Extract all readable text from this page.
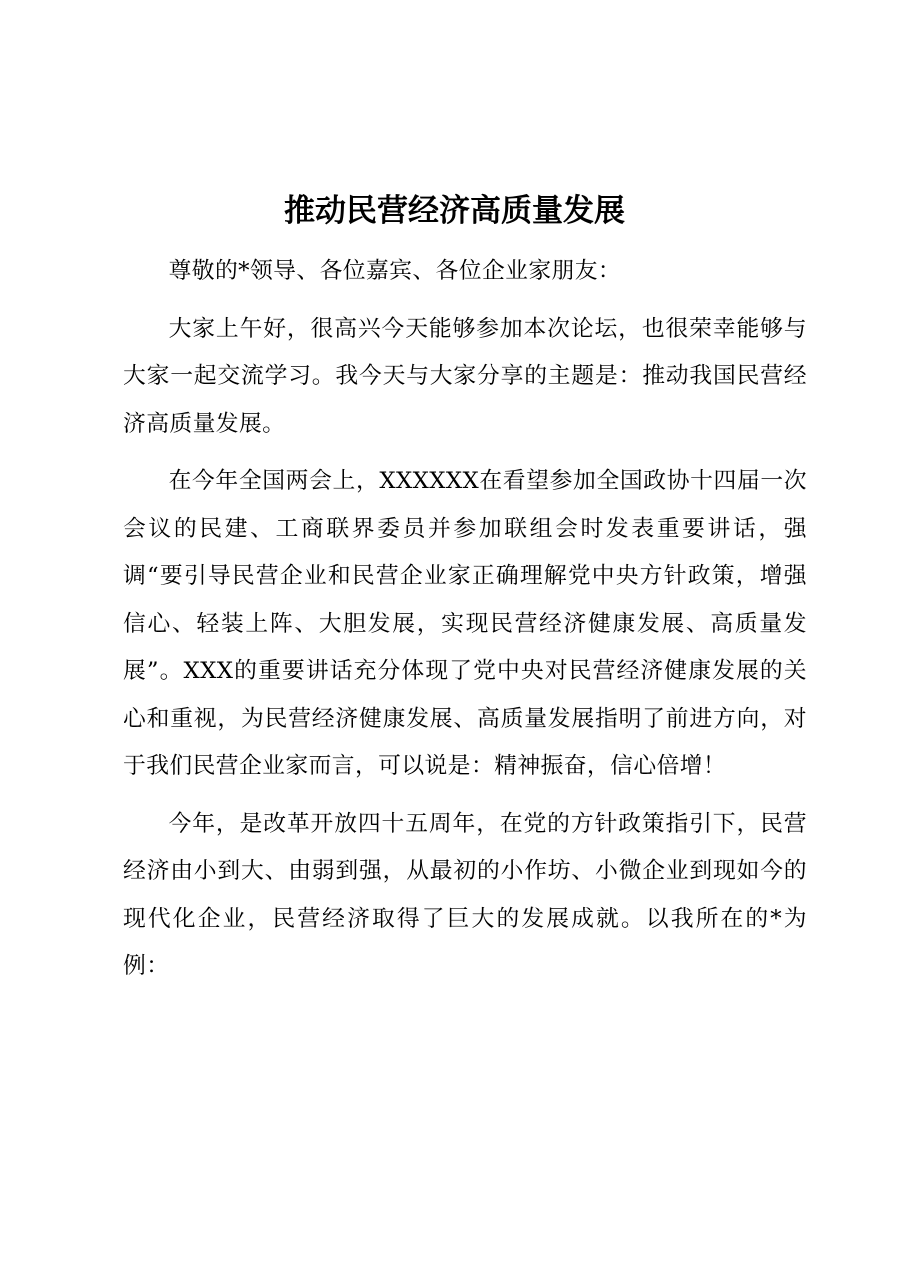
推动民营经济高质量发展

尊敬的*领导、各位嘉宾、各位企业家朋友：

大家上午好，很高兴今天能够参加本次论坛，也很荣幸能够与大家一起交流学习。我今天与大家分享的主题是：推动我国民营经济高质量发展。

在今年全国两会上，XXXXXX在看望参加全国政协十四届一次会议的民建、工商联界委员并参加联组会时发表重要讲话，强调“要引导民营企业和民营企业家正确理解党中央方针政策，增强信心、轻装上阵、大胆发展，实现民营经济健康发展、高质量发展”。XXX的重要讲话充分体现了党中央对民营经济健康发展的关心和重视，为民营经济健康发展、高质量发展指明了前进方向，对于我们民营企业家而言，可以说是：精神振奋，信心倍增！

今年，是改革开放四十五周年，在党的方针政策指引下，民营经济由小到大、由弱到强，从最初的小作坊、小微企业到现如今的现代化企业，民营经济取得了巨大的发展成就。以我所在的*为例：
